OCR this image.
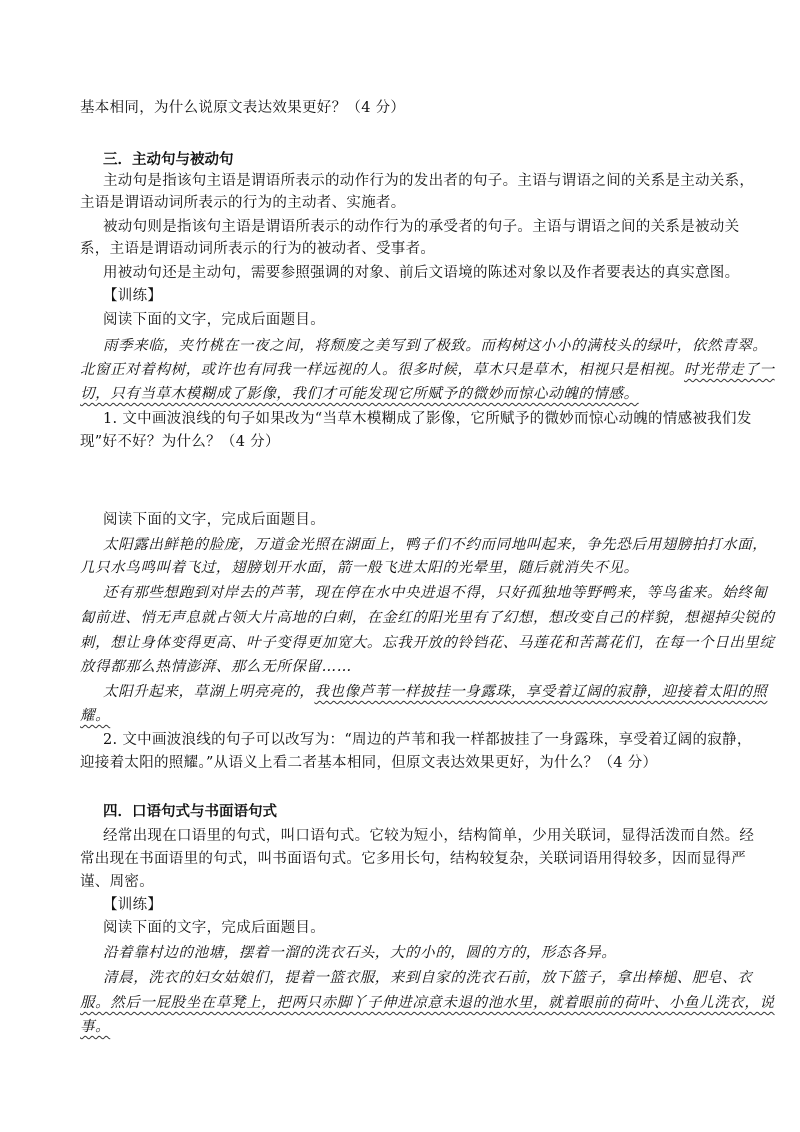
基本相同，为什么说原文表达效果更好？（4 分）
三．主动句与被动句
主动句是指该句主语是谓语所表示的动作行为的发出者的句子。主语与谓语之间的关系是主动关系，
主语是谓语动词所表示的行为的主动者、实施者。
被动句则是指该句主语是谓语所表示的动作行为的承受者的句子。主语与谓语之间的关系是被动关
系，主语是谓语动词所表示的行为的被动者、受事者。
用被动句还是主动句，需要参照强调的对象、前后文语境的陈述对象以及作者要表达的真实意图。
【训练】
阅读下面的文字，完成后面题目。
雨季来临，夹竹桃在一夜之间，将颓废之美写到了极致。而构树这小小的满枝头的绿叶，依然青翠。
北窗正对着构树，或许也有同我一样远视的人。很多时候，草木只是草木，相视只是相视。时光带走了一
切，只有当草木模糊成了影像，我们才可能发现它所赋予的微妙而惊心动魄的情感。
1. 文中画波浪线的句子如果改为“当草木模糊成了影像，它所赋予的微妙而惊心动魄的情感被我们发
现”好不好？为什么？（4 分）
阅读下面的文字，完成后面题目。
太阳露出鲜艳的脸庞，万道金光照在湖面上，鸭子们不约而同地叫起来，争先恐后用翅膀拍打水面，
几只水鸟鸣叫着飞过，翅膀划开水面，箭一般飞进太阳的光晕里，随后就消失不见。
还有那些想跑到对岸去的芦苇，现在停在水中央进退不得，只好孤独地等野鸭来，等鸟雀来。始终匍
匐前进、悄无声息就占领大片高地的白刺，在金红的阳光里有了幻想，想改变自己的样貌，想褪掉尖锐的
刺，想让身体变得更高、叶子变得更加宽大。忘我开放的铃铛花、马莲花和苦蒿花们，在每一个日出里绽
放得都那么热情澎湃、那么无所保留……
太阳升起来，草湖上明亮亮的，我也像芦苇一样披挂一身露珠，享受着辽阔的寂静，迎接着太阳的照
耀。
2. 文中画波浪线的句子可以改写为：“周边的芦苇和我一样都披挂了一身露珠，享受着辽阔的寂静，
迎接着太阳的照耀。”从语义上看二者基本相同，但原文表达效果更好，为什么？（4 分）
四．口语句式与书面语句式
经常出现在口语里的句式，叫口语句式。它较为短小，结构简单，少用关联词，显得活泼而自然。经
常出现在书面语里的句式，叫书面语句式。它多用长句，结构较复杂，关联词语用得较多，因而显得严
谨、周密。
【训练】
阅读下面的文字，完成后面题目。
沿着靠村边的池塘，摆着一溜的洗衣石头，大的小的，圆的方的，形态各异。
清晨，洗衣的妇女姑娘们，提着一篮衣服，来到自家的洗衣石前，放下篮子，拿出棒槌、肥皂、衣
服。然后一屁股坐在草凳上，把两只赤脚丫子伸进凉意未退的池水里，就着眼前的荷叶、小鱼儿洗衣，说
事。
